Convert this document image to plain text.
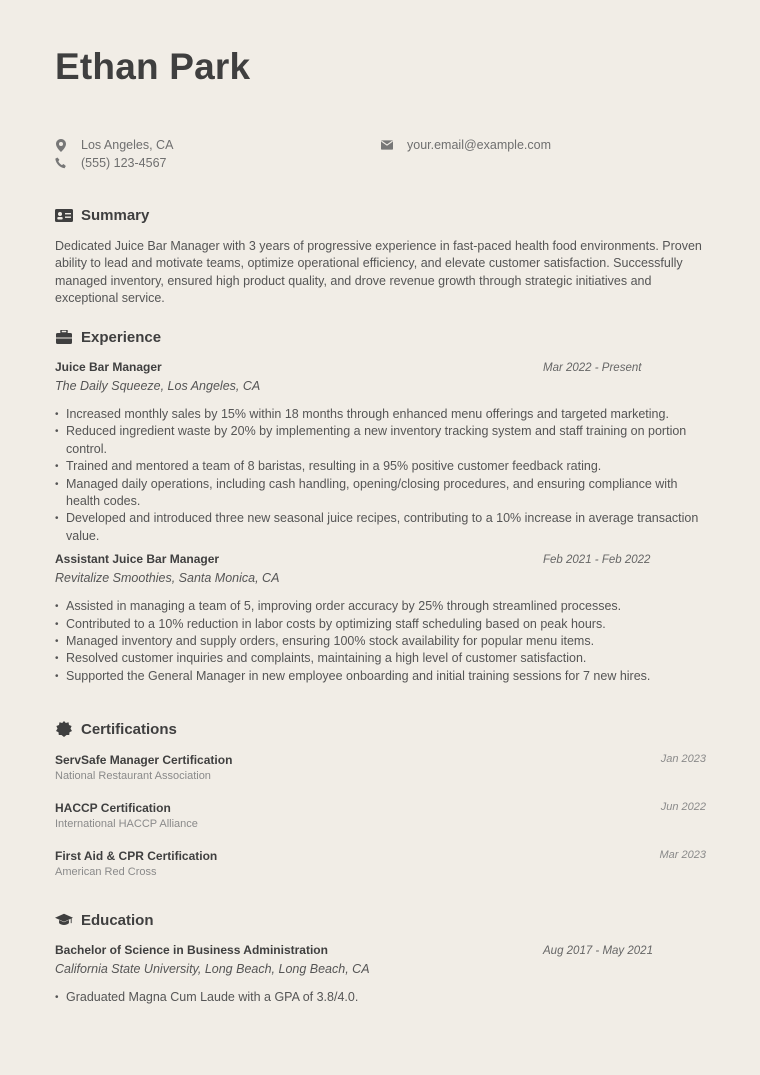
Ethan Park
Los Angeles, CA
(555) 123-4567
your.email@example.com
Summary

Dedicated Juice Bar Manager with 3 years of progressive experience in fast-paced health food environments. Proven ability to lead and motivate teams, optimize operational efficiency, and elevate customer satisfaction. Successfully managed inventory, ensured high product quality, and drove revenue growth through strategic initiatives and exceptional service.

Experience
Juice Bar Manager	Mar 2022 - Present
The Daily Squeeze, Los Angeles, CA
• Increased monthly sales by 15% within 18 months through enhanced menu offerings and targeted marketing.
• Reduced ingredient waste by 20% by implementing a new inventory tracking system and staff training on portion control.
• Trained and mentored a team of 8 baristas, resulting in a 95% positive customer feedback rating.
• Managed daily operations, including cash handling, opening/closing procedures, and ensuring compliance with health codes.
• Developed and introduced three new seasonal juice recipes, contributing to a 10% increase in average transaction value.
Assistant Juice Bar Manager	Feb 2021 - Feb 2022
Revitalize Smoothies, Santa Monica, CA
• Assisted in managing a team of 5, improving order accuracy by 25% through streamlined processes.
• Contributed to a 10% reduction in labor costs by optimizing staff scheduling based on peak hours.
• Managed inventory and supply orders, ensuring 100% stock availability for popular menu items.
• Resolved customer inquiries and complaints, maintaining a high level of customer satisfaction.
• Supported the General Manager in new employee onboarding and initial training sessions for 7 new hires.
Certifications
ServSafe Manager Certification
National Restaurant Association
Jan 2023
HACCP Certification
International HACCP Alliance
Jun 2022
First Aid & CPR Certification
American Red Cross
Mar 2023
Education
Bachelor of Science in Business Administration	Aug 2017 - May 2021
California State University, Long Beach, Long Beach, CA
• Graduated Magna Cum Laude with a GPA of 3.8/4.0.
